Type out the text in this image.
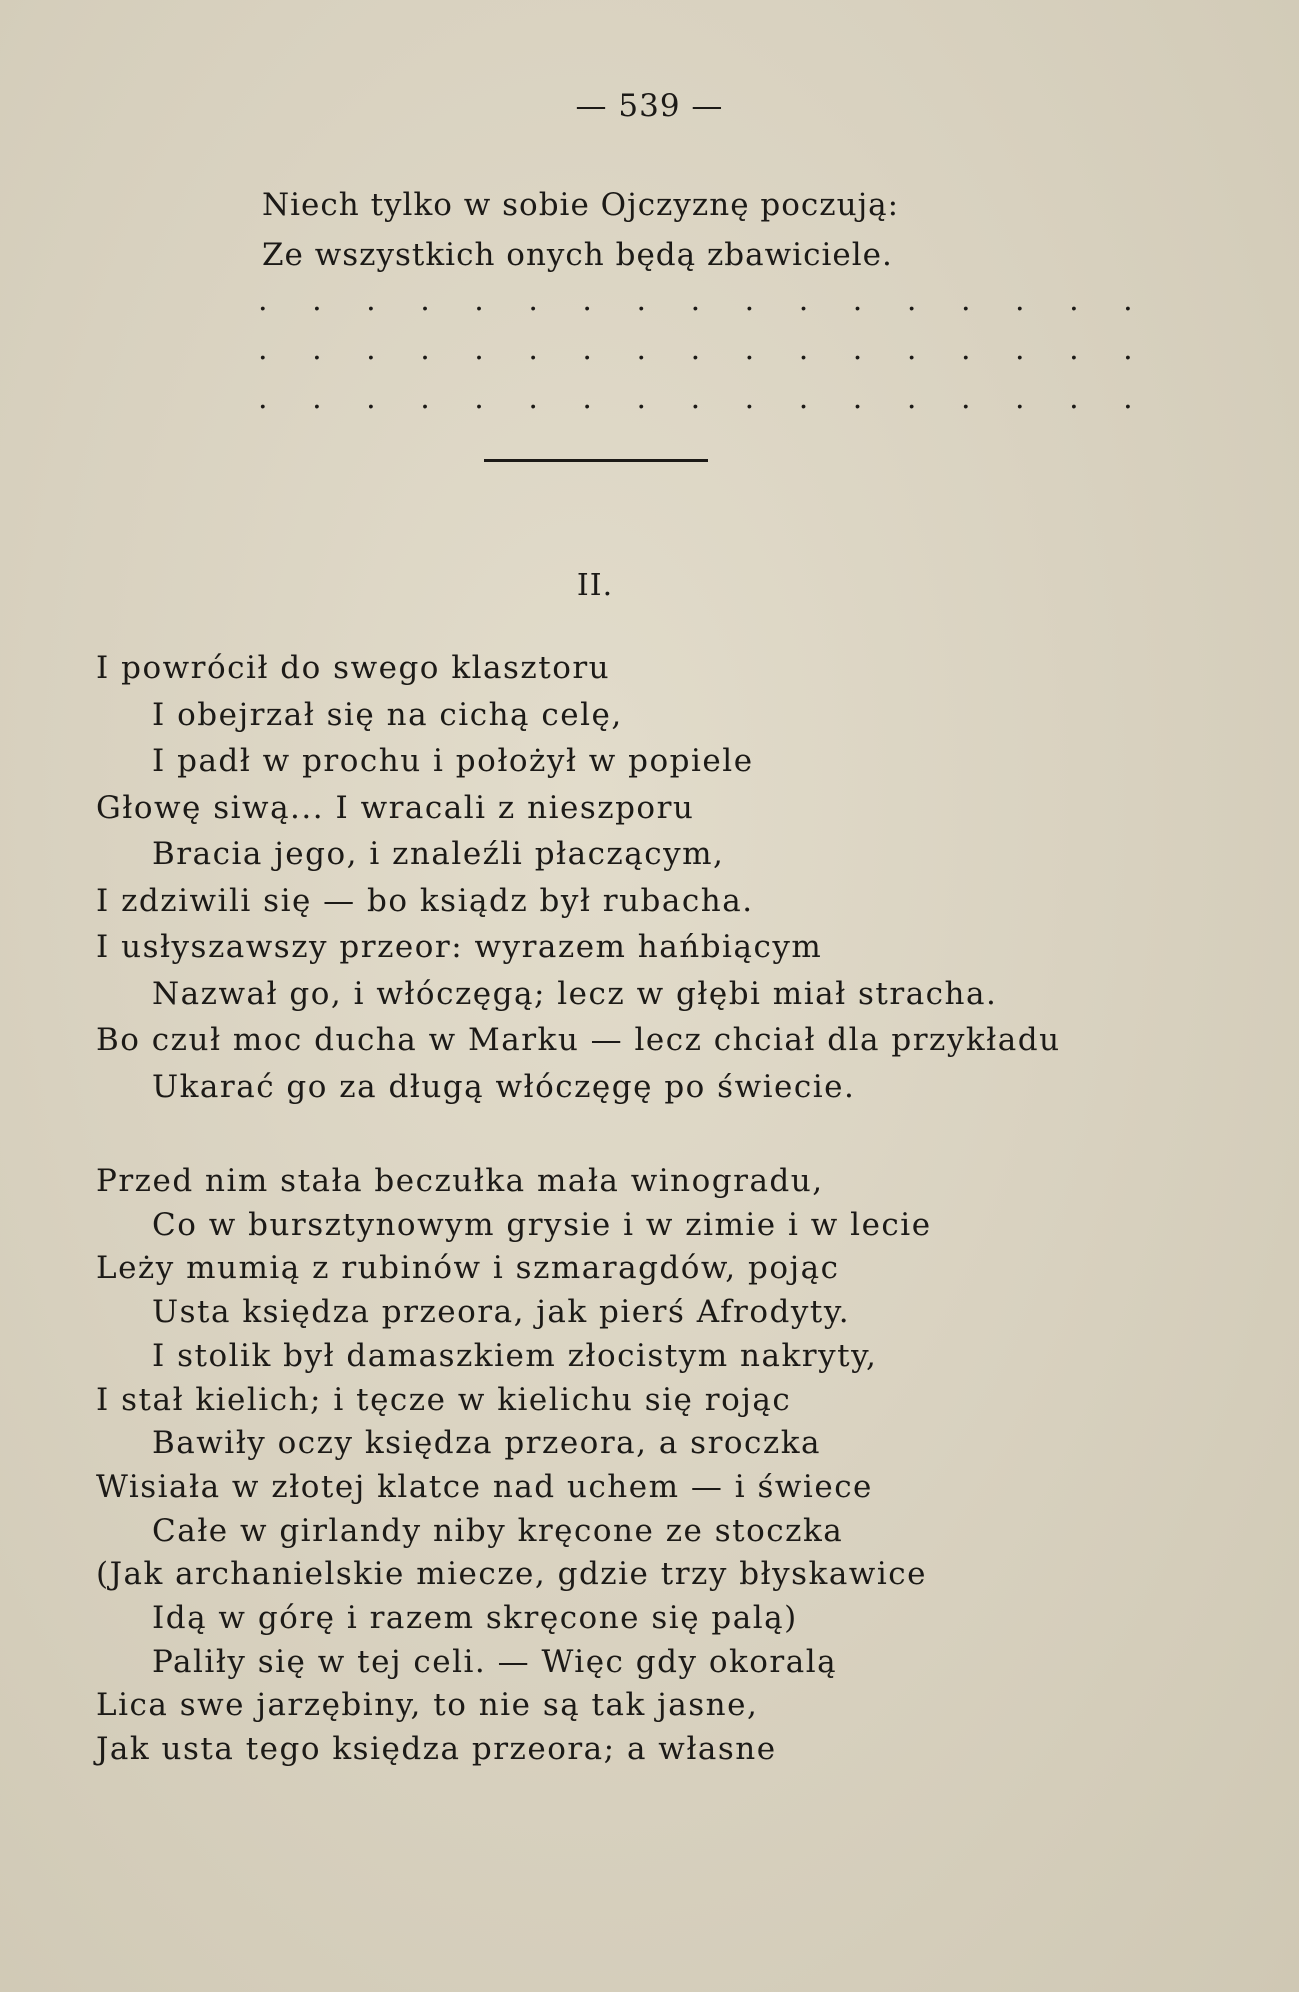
— 539 —
Niech tylko w sobie Ojczyznę poczują:
Ze wszystkich onych będą zbawiciele.
. . . . . . . . . . . . . . . . .
. . . . . . . . . . . . . . . . .
. . . . . . . . . . . . . . . . .
II.
I powrócił do swego klasztoru
I obejrzał się na cichą celę,
I padł w prochu i położył w popiele
Głowę siwą... I wracali z nieszporu
Bracia jego, i znaleźli płaczącym,
I zdziwili się — bo ksiądz był rubacha.
I usłyszawszy przeor: wyrazem hańbiącym
Nazwał go, i włóczęgą; lecz w głębi miał stracha.
Bo czuł moc ducha w Marku — lecz chciał dla przykładu
Ukarać go za długą włóczęgę po świecie.
Przed nim stała beczułka mała winogradu,
Co w bursztynowym grysie i w zimie i w lecie
Leży mumią z rubinów i szmaragdów, pojąc
Usta księdza przeora, jak pierś Afrodyty.
I stolik był damaszkiem złocistym nakryty,
I stał kielich; i tęcze w kielichu się rojąc
Bawiły oczy księdza przeora, a sroczka
Wisiała w złotej klatce nad uchem — i świece
Całe w girlandy niby kręcone ze stoczka
(Jak archanielskie miecze, gdzie trzy błyskawice
Idą w górę i razem skręcone się palą)
Paliły się w tej celi. — Więc gdy okoralą
Lica swe jarzębiny, to nie są tak jasne,
Jak usta tego księdza przeora; a własne
